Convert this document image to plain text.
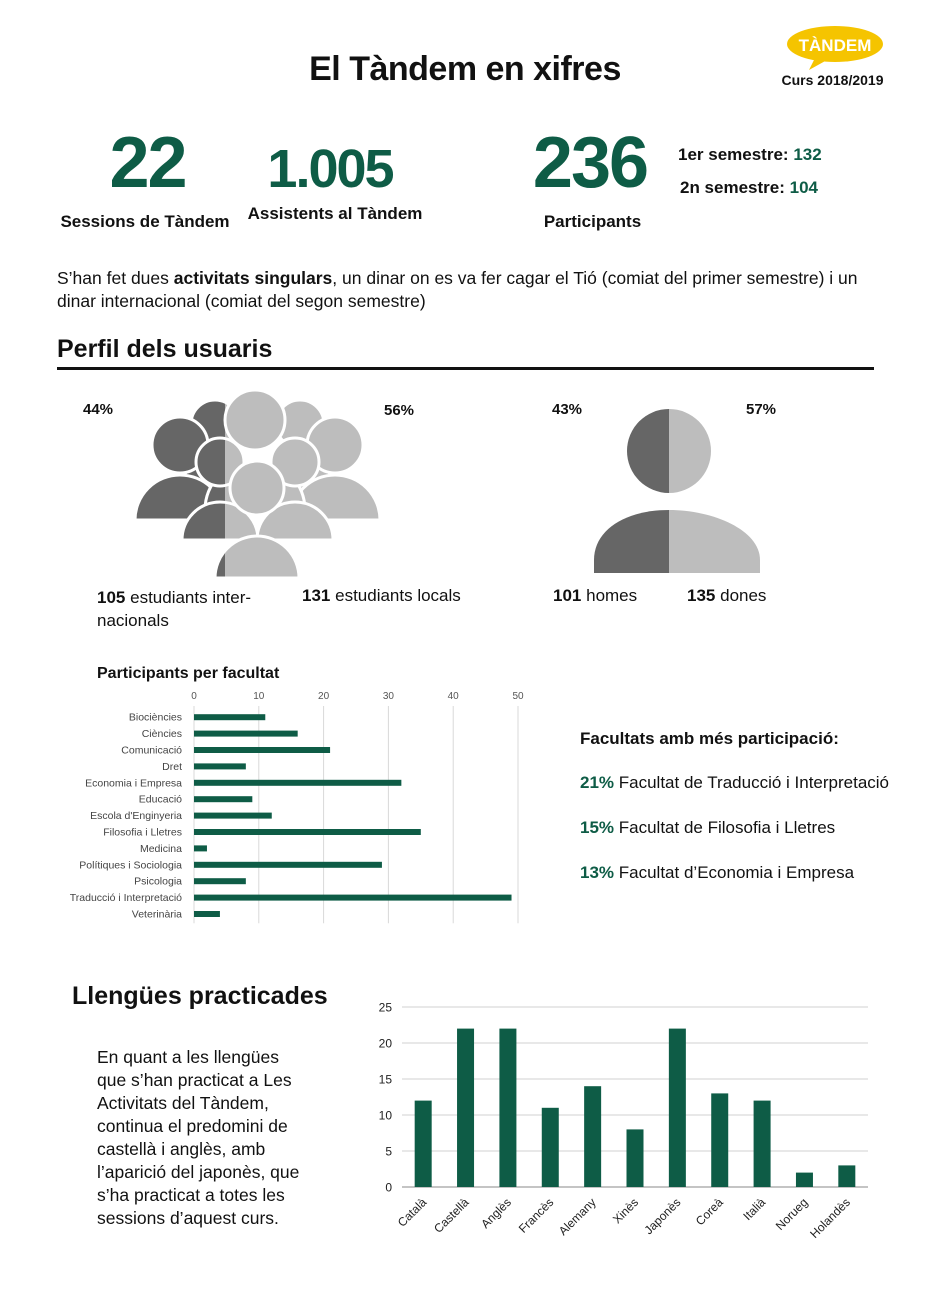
El Tàndem en xifres
TÀNDEM
Curs 2018/2019
22
Sessions de Tàndem
1.005
Assistents al Tàndem
236
Participants
1er semestre: 132
2n semestre: 104
S’han fet dues activitats singulars, un dinar on es va fer cagar el Tió (comiat del primer semestre) i un dinar internacional (comiat del segon semestre)
Perfil dels usuaris
44%	56%
105 estudiants inter-nacionals
131 estudiants locals
43%	57%
101 homes	135 dones
Participants per facultat
0	10	20	30	40	50
Biociències
Ciències
Comunicació
Dret
Economia i Empresa
Educació
Escola d'Enginyeria
Filosofia i Lletres
Medicina
Polítiques i Sociologia
Psicologia
Traducció i Interpretació
Veterinària
Facultats amb més participació:
21% Facultat de Traducció i Interpretació
15% Facultat de Filosofia i Lletres
13% Facultat d’Economia i Empresa
Llengües practicades
En quant a les llengües que s’han practicat a Les Activitats del Tàndem, continua el predomini de castellà i anglès, amb l’aparició del japonès, que s’ha practicat a totes les sessions d’aquest curs.
0
5
10
15
20
25
Català Castellà Anglès Francès Alemany Xinès Japonès Coreà Italià Norueg
Holandès
